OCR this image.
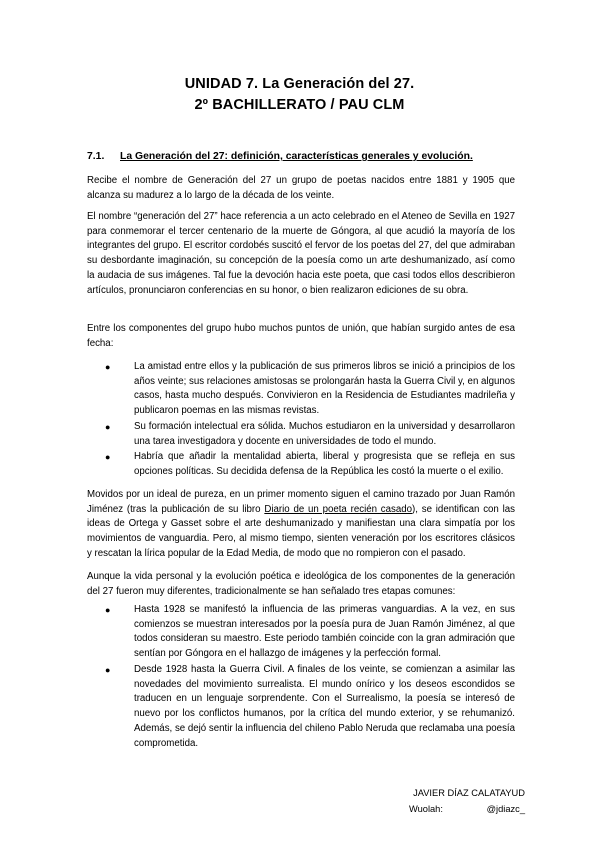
UNIDAD 7. La Generación del 27.
2º BACHILLERATO / PAU CLM
7.1. La Generación del 27: definición, características generales y evolución.
Recibe el nombre de Generación del 27 un grupo de poetas nacidos entre 1881 y 1905 que alcanza su madurez a lo largo de la década de los veinte.
El nombre “generación del 27” hace referencia a un acto celebrado en el Ateneo de Sevilla en 1927 para conmemorar el tercer centenario de la muerte de Góngora, al que acudió la mayoría de los integrantes del grupo. El escritor cordobés suscitó el fervor de los poetas del 27, del que admiraban su desbordante imaginación, su concepción de la poesía como un arte deshumanizado, así como la audacia de sus imágenes. Tal fue la devoción hacia este poeta, que casi todos ellos describieron artículos, pronunciaron conferencias en su honor, o bien realizaron ediciones de su obra.
Entre los componentes del grupo hubo muchos puntos de unión, que habían surgido antes de esa fecha:
●	La amistad entre ellos y la publicación de sus primeros libros se inició a principios de los años veinte; sus relaciones amistosas se prolongarán hasta la Guerra Civil y, en algunos casos, hasta mucho después. Convivieron en la Residencia de Estudiantes madrileña y publicaron poemas en las mismas revistas.
●	Su formación intelectual era sólida. Muchos estudiaron en la universidad y desarrollaron una tarea investigadora y docente en universidades de todo el mundo.
●	Habría que añadir la mentalidad abierta, liberal y progresista que se refleja en sus opciones políticas. Su decidida defensa de la República les costó la muerte o el exilio.
Movidos por un ideal de pureza, en un primer momento siguen el camino trazado por Juan Ramón Jiménez (tras la publicación de su libro Diario de un poeta recién casado), se identifican con las ideas de Ortega y Gasset sobre el arte deshumanizado y manifiestan una clara simpatía por los movimientos de vanguardia. Pero, al mismo tiempo, sienten veneración por los escritores clásicos y rescatan la lírica popular de la Edad Media, de modo que no rompieron con el pasado.
Aunque la vida personal y la evolución poética e ideológica de los componentes de la generación del 27 fueron muy diferentes, tradicionalmente se han señalado tres etapas comunes:
●	Hasta 1928 se manifestó la influencia de las primeras vanguardias. A la vez, en sus comienzos se muestran interesados por la poesía pura de Juan Ramón Jiménez, al que todos consideran su maestro. Este periodo también coincide con la gran admiración que sentían por Góngora en el hallazgo de imágenes y la perfección formal.
●	Desde 1928 hasta la Guerra Civil. A finales de los veinte, se comienzan a asimilar las novedades del movimiento surrealista. El mundo onírico y los deseos escondidos se traducen en un lenguaje sorprendente. Con el Surrealismo, la poesía se interesó de nuevo por los conflictos humanos, por la crítica del mundo exterior, y se rehumanizó. Además, se dejó sentir la influencia del chileno Pablo Neruda que reclamaba una poesía comprometida.
JAVIER DÍAZ CALATAYUD
Wuolah:	@jdiazc_
